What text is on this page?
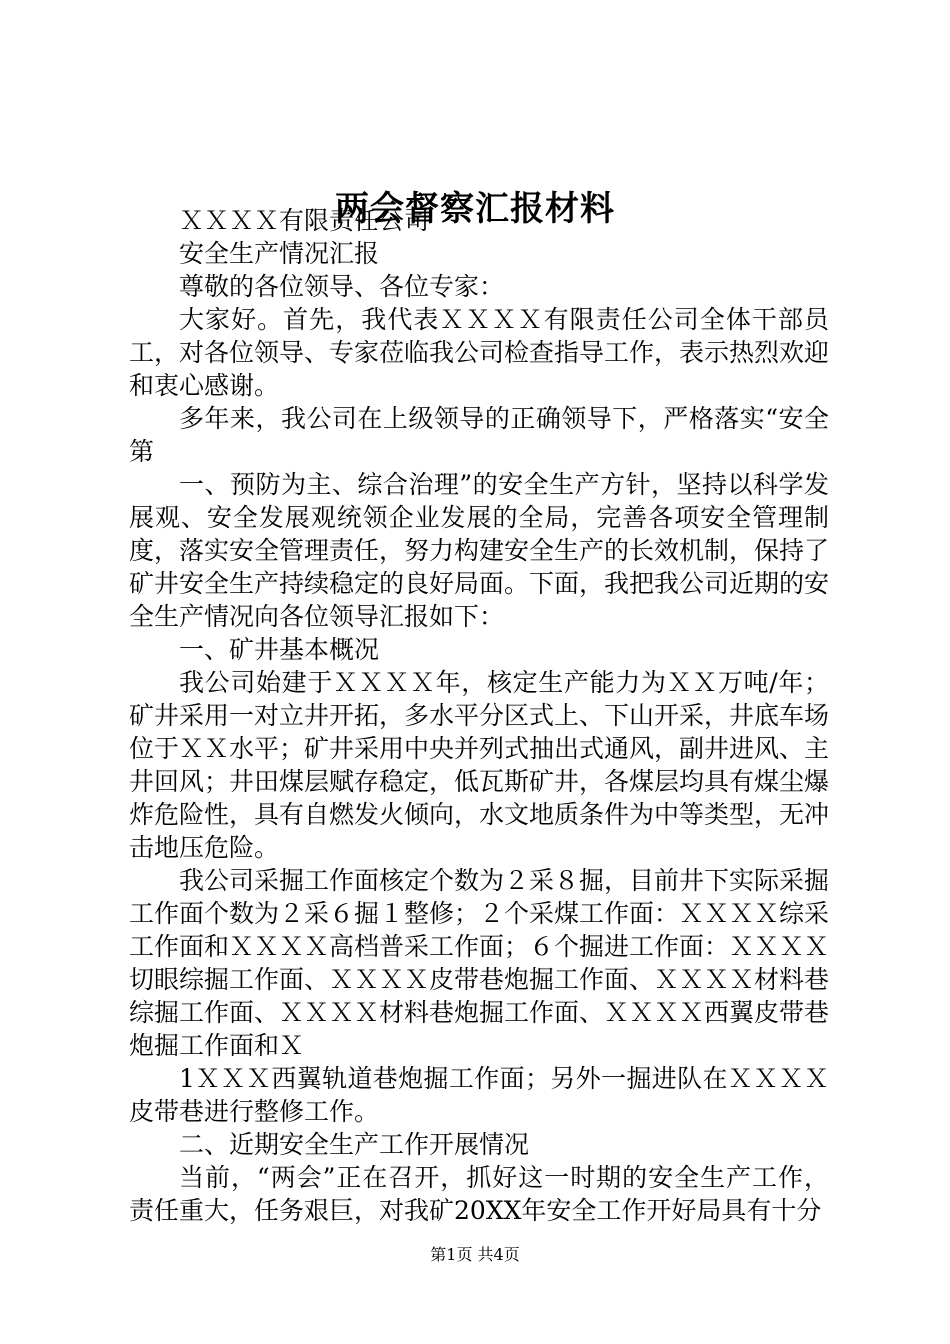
两会督察汇报材料

ＸＸＸＸ有限责任公司

安全生产情况汇报

尊敬的各位领导、各位专家：

大家好。首先，我代表ＸＸＸＸ有限责任公司全体干部员工，对各位领导、专家莅临我公司检查指导工作，表示热烈欢迎和衷心感谢。

多年来，我公司在上级领导的正确领导下，严格落实“安全第

一、预防为主、综合治理”的安全生产方针，坚持以科学发展观、安全发展观统领企业发展的全局，完善各项安全管理制度，落实安全管理责任，努力构建安全生产的长效机制，保持了矿井安全生产持续稳定的良好局面。下面，我把我公司近期的安全生产情况向各位领导汇报如下：

一、矿井基本概况

我公司始建于ＸＸＸＸ年，核定生产能力为ＸＸ万吨/年；矿井采用一对立井开拓，多水平分区式上、下山开采，井底车场位于ＸＸ水平；矿井采用中央并列式抽出式通风，副井进风、主井回风；井田煤层赋存稳定，低瓦斯矿井，各煤层均具有煤尘爆炸危险性，具有自燃发火倾向，水文地质条件为中等类型，无冲击地压危险。

我公司采掘工作面核定个数为２采８掘，目前井下实际采掘工作面个数为２采６掘１整修；２个采煤工作面：ＸＸＸＸ综采工作面和ＸＸＸＸ高档普采工作面；６个掘进工作面：ＸＸＸＸ切眼综掘工作面、ＸＸＸＸ皮带巷炮掘工作面、ＸＸＸＸ材料巷综掘工作面、ＸＸＸＸ材料巷炮掘工作面、ＸＸＸＸ西翼皮带巷炮掘工作面和Ｘ

1ＸＸＸ西翼轨道巷炮掘工作面；另外一掘进队在ＸＸＸＸ皮带巷进行整修工作。

二、近期安全生产工作开展情况

当前，“两会”正在召开，抓好这一时期的安全生产工作，责任重大，任务艰巨，对我矿20XX年安全工作开好局具有十分

第1页 共4页
